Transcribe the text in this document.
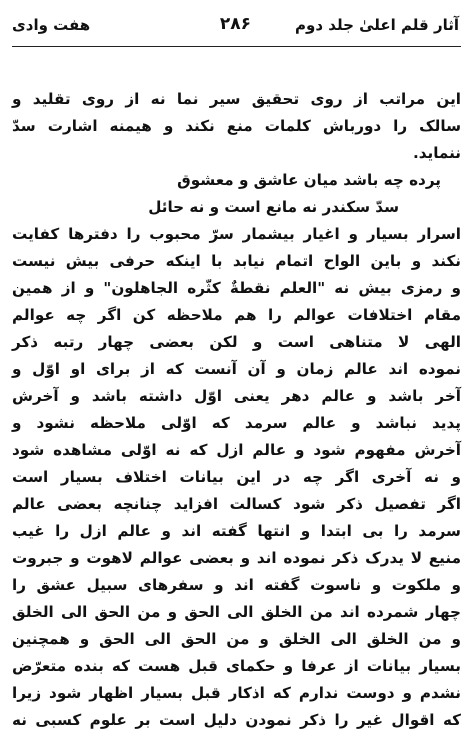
آثار قلم اعلیٰ جلد دوم
۲۸۶
هفت وادی
این مراتب از روی تحقیق سیر نما نه از روی تقلید و
سالک را دورباش کلمات منع نکند و هیمنه اشارت سدّ
ننماید.
پرده چه باشد میان عاشق و معشوق
سدّ سکندر نه مانع است و نه حائل
اسرار بسیار و اغیار بیشمار سرّ محبوب را دفترها کفایت
نکند و باین الواح اتمام نیابد با اینکه حرفی بیش نیست
و رمزی بیش نه "العلم نقطةٌ کثّره الجاهلون" و از همین
مقام اختلافات عوالم را هم ملاحظه کن اگر چه عوالم
الهی لا متناهی است و لکن بعضی چهار رتبه ذکر
نموده اند عالم زمان و آن آنست که از برای او اوّل و
آخر باشد و عالم دهر یعنی اوّل داشته باشد و آخرش
پدید نباشد و عالم سرمد که اوّلی ملاحظه نشود و
آخرش مفهوم شود و عالم ازل که نه اوّلی مشاهده شود
و نه آخری اگر چه در این بیانات اختلاف بسیار است
اگر تفصیل ذکر شود کسالت افزاید چنانچه بعضی عالم
سرمد را بی ابتدا و انتها گفته اند و عالم ازل را غیب
منیع لا یدرک ذکر نموده اند و بعضی عوالم لاهوت و جبروت
و ملکوت و ناسوت گفته اند و سفرهای سبیل عشق را
چهار شمرده اند من الخلق الی الحق و من الحق الی الخلق
و من الخلق الی الخلق و من الحق الی الحق و همچنین
بسیار بیانات از عرفا و حکمای قبل هست که بنده متعرّض
نشدم و دوست ندارم که اذکار قبل بسیار اظهار شود زیرا
که اقوال غیر را ذکر نمودن دلیل است بر علوم کسبی نه
